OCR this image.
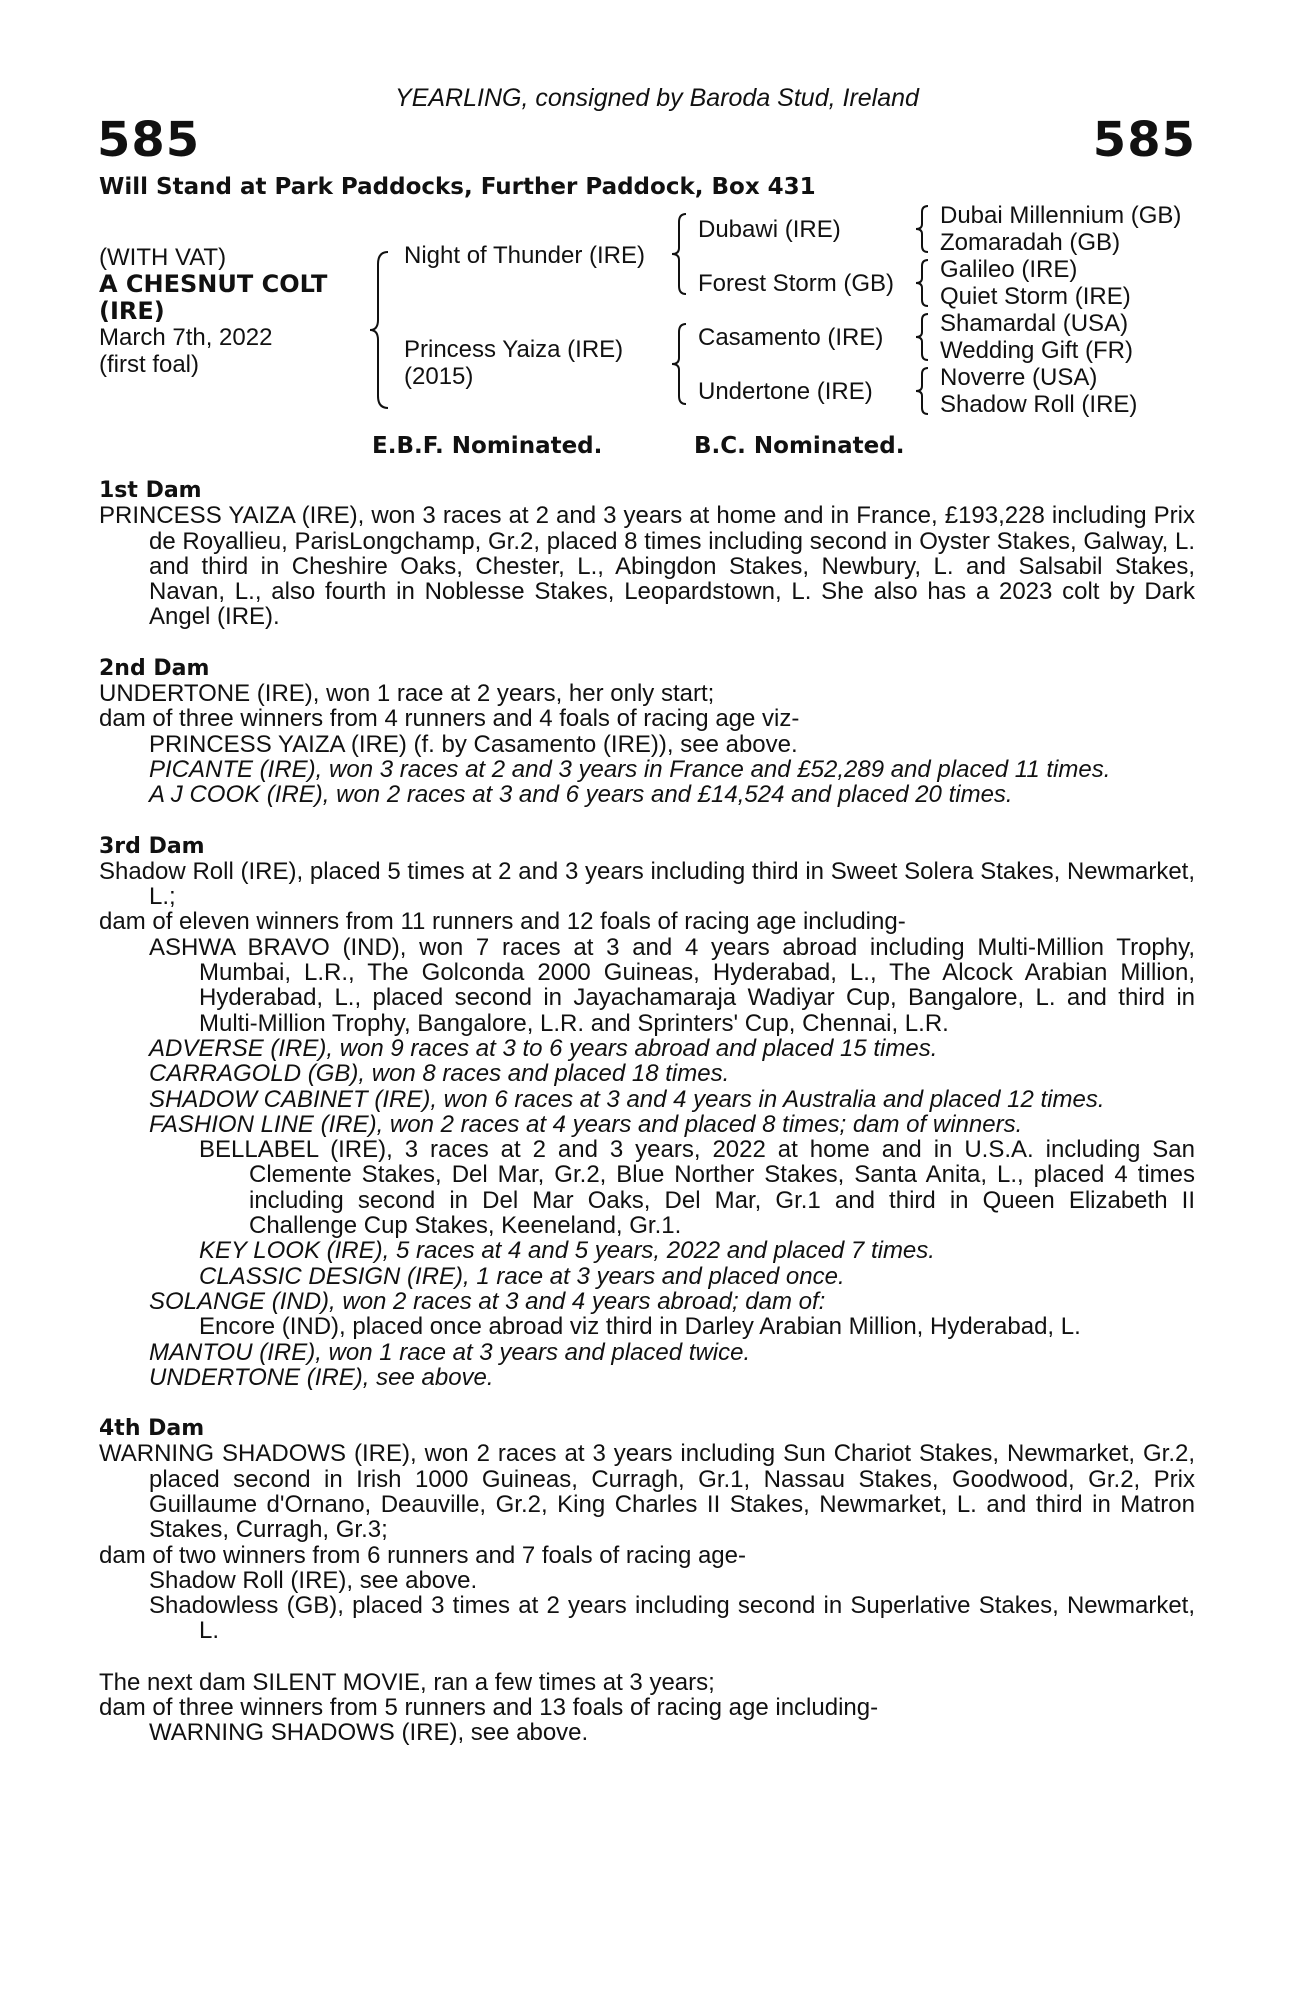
YEARLING, consigned by Baroda Stud, Ireland
585	585
Will Stand at Park Paddocks, Further Paddock, Box 431
(WITH VAT)
A CHESNUT COLT
(IRE)
March 7th, 2022
(first foal)
Night of Thunder (IRE)
Princess Yaiza (IRE)
(2015)
Dubawi (IRE)
Forest Storm (GB)
Casamento (IRE)
Undertone (IRE)
Dubai Millennium (GB)
Zomaradah (GB)
Galileo (IRE)
Quiet Storm (IRE)
Shamardal (USA)
Wedding Gift (FR)
Noverre (USA)
Shadow Roll (IRE)
E.B.F. Nominated.	B.C. Nominated.
1st Dam
PRINCESS YAIZA (IRE), won 3 races at 2 and 3 years at home and in France, £193,228 including Prix de Royallieu, ParisLongchamp, Gr.2, placed 8 times including second in Oyster Stakes, Galway, L. and third in Cheshire Oaks, Chester, L., Abingdon Stakes, Newbury, L. and Salsabil Stakes, Navan, L., also fourth in Noblesse Stakes, Leopardstown, L. She also has a 2023 colt by Dark Angel (IRE).
2nd Dam
UNDERTONE (IRE), won 1 race at 2 years, her only start;
dam of three winners from 4 runners and 4 foals of racing age viz-
PRINCESS YAIZA (IRE) (f. by Casamento (IRE)), see above.
PICANTE (IRE), won 3 races at 2 and 3 years in France and £52,289 and placed 11 times.
A J COOK (IRE), won 2 races at 3 and 6 years and £14,524 and placed 20 times.
3rd Dam
Shadow Roll (IRE), placed 5 times at 2 and 3 years including third in Sweet Solera Stakes, Newmarket, L.;
dam of eleven winners from 11 runners and 12 foals of racing age including-
ASHWA BRAVO (IND), won 7 races at 3 and 4 years abroad including Multi-Million Trophy, Mumbai, L.R., The Golconda 2000 Guineas, Hyderabad, L., The Alcock Arabian Million, Hyderabad, L., placed second in Jayachamaraja Wadiyar Cup, Bangalore, L. and third in Multi-Million Trophy, Bangalore, L.R. and Sprinters' Cup, Chennai, L.R.
ADVERSE (IRE), won 9 races at 3 to 6 years abroad and placed 15 times.
CARRAGOLD (GB), won 8 races and placed 18 times.
SHADOW CABINET (IRE), won 6 races at 3 and 4 years in Australia and placed 12 times.
FASHION LINE (IRE), won 2 races at 4 years and placed 8 times; dam of winners.
BELLABEL (IRE), 3 races at 2 and 3 years, 2022 at home and in U.S.A. including San Clemente Stakes, Del Mar, Gr.2, Blue Norther Stakes, Santa Anita, L., placed 4 times including second in Del Mar Oaks, Del Mar, Gr.1 and third in Queen Elizabeth II Challenge Cup Stakes, Keeneland, Gr.1.
KEY LOOK (IRE), 5 races at 4 and 5 years, 2022 and placed 7 times.
CLASSIC DESIGN (IRE), 1 race at 3 years and placed once.
SOLANGE (IND), won 2 races at 3 and 4 years abroad; dam of:
Encore (IND), placed once abroad viz third in Darley Arabian Million, Hyderabad, L.
MANTOU (IRE), won 1 race at 3 years and placed twice.
UNDERTONE (IRE), see above.
4th Dam
WARNING SHADOWS (IRE), won 2 races at 3 years including Sun Chariot Stakes, Newmarket, Gr.2, placed second in Irish 1000 Guineas, Curragh, Gr.1, Nassau Stakes, Goodwood, Gr.2, Prix Guillaume d'Ornano, Deauville, Gr.2, King Charles II Stakes, Newmarket, L. and third in Matron Stakes, Curragh, Gr.3;
dam of two winners from 6 runners and 7 foals of racing age-
Shadow Roll (IRE), see above.
Shadowless (GB), placed 3 times at 2 years including second in Superlative Stakes, Newmarket, L.
The next dam SILENT MOVIE, ran a few times at 3 years;
dam of three winners from 5 runners and 13 foals of racing age including-
WARNING SHADOWS (IRE), see above.
